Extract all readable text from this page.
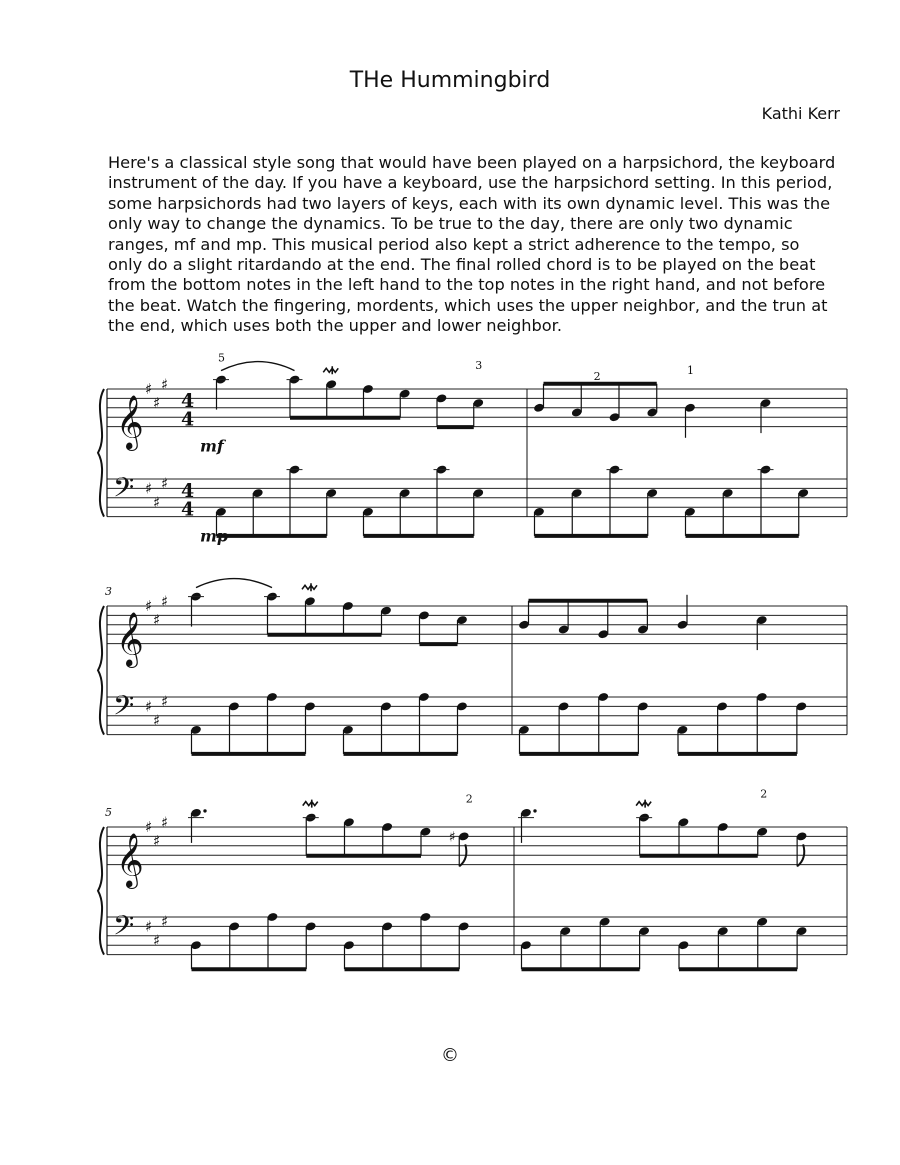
THe Hummingbird
Kathi Kerr

Here's a classical style song that would have been played on a harpsichord, the keyboard instrument of the day. If you have a keyboard, use the harpsichord setting. In this period, some harpsichords had two layers of keys, each with its own dynamic level. This was the only way to change the dynamics. To be true to the day, there are only two dynamic ranges, mf and mp. This musical period also kept a strict adherence to the tempo, so only do a slight ritardando at the end. The final rolled chord is to be played on the beat from the bottom notes in the left hand to the top notes in the right hand, and not before the beat. Watch the fingering, mordents, which uses the upper neighbor, and the trun at the end, which uses both the upper and lower neighbor.

𝄞
𝄢
♯
♯
♯
♯
♯
♯
4
4
4
4
5
3
2	1
mf
mp
𝄞
𝄢
♯
♯
♯
♯
♯
♯
3
𝄞
𝄢
♯
♯
♯
♯
♯
♯
5
♯
2	2
©
